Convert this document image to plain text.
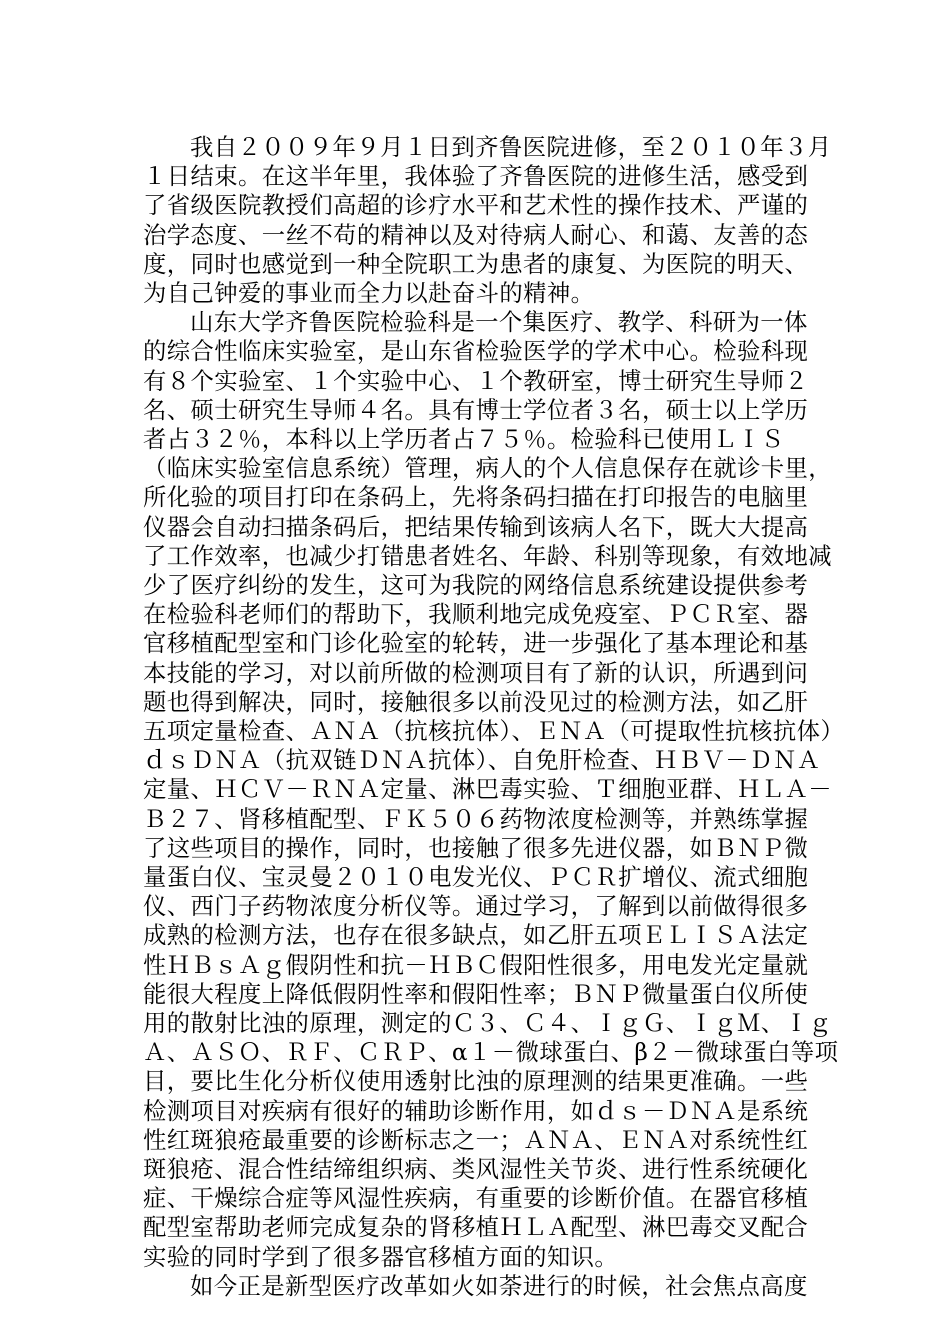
我自２００９年９月１日到齐鲁医院进修，至２０１０年３月

１日结束。在这半年里，我体验了齐鲁医院的进修生活，感受到

了省级医院教授们高超的诊疗水平和艺术性的操作技术、严谨的

治学态度、一丝不苟的精神以及对待病人耐心、和蔼、友善的态

度，同时也感觉到一种全院职工为患者的康复、为医院的明天、

为自己钟爱的事业而全力以赴奋斗的精神。

山东大学齐鲁医院检验科是一个集医疗、教学、科研为一体

的综合性临床实验室，是山东省检验医学的学术中心。检验科现

有８个实验室、１个实验中心、１个教研室，博士研究生导师２

名、硕士研究生导师４名。具有博士学位者３名，硕士以上学历

者占３２％，本科以上学历者占７５％。检验科已使用ＬＩＳ

（临床实验室信息系统）管理，病人的个人信息保存在就诊卡里，

所化验的项目打印在条码上，先将条码扫描在打印报告的电脑里

仪器会自动扫描条码后，把结果传输到该病人名下，既大大提高

了工作效率，也减少打错患者姓名、年龄、科别等现象，有效地减

少了医疗纠纷的发生，这可为我院的网络信息系统建设提供参考

在检验科老师们的帮助下，我顺利地完成免疫室、ＰＣＲ室、器

官移植配型室和门诊化验室的轮转，进一步强化了基本理论和基

本技能的学习，对以前所做的检测项目有了新的认识，所遇到问

题也得到解决，同时，接触很多以前没见过的检测方法，如乙肝

五项定量检查、ＡＮＡ（抗核抗体）、ＥＮＡ（可提取性抗核抗体）

ｄｓＤＮＡ（抗双链ＤＮＡ抗体）、自免肝检查、ＨＢＶ－ＤＮＡ

定量、ＨＣＶ－ＲＮＡ定量、淋巴毒实验、Ｔ细胞亚群、ＨＬＡ－

Ｂ２７、肾移植配型、ＦＫ５０６药物浓度检测等，并熟练掌握

了这些项目的操作，同时，也接触了很多先进仪器，如ＢＮＰ微

量蛋白仪、宝灵曼２０１０电发光仪、ＰＣＲ扩增仪、流式细胞

仪、西门子药物浓度分析仪等。通过学习，了解到以前做得很多

成熟的检测方法，也存在很多缺点，如乙肝五项ＥＬＩＳＡ法定

性ＨＢｓＡｇ假阴性和抗－ＨＢＣ假阳性很多，用电发光定量就

能很大程度上降低假阴性率和假阳性率；ＢＮＰ微量蛋白仪所使

用的散射比浊的原理，测定的Ｃ３、Ｃ４、ＩｇＧ、ＩｇＭ、Ｉｇ

Ａ、ＡＳＯ、ＲＦ、ＣＲＰ、α１－微球蛋白、β２－微球蛋白等项

目，要比生化分析仪使用透射比浊的原理测的结果更准确。一些

检测项目对疾病有很好的辅助诊断作用，如ｄｓ－ＤＮＡ是系统

性红斑狼疮最重要的诊断标志之一；ＡＮＡ、ＥＮＡ对系统性红

斑狼疮、混合性结缔组织病、类风湿性关节炎、进行性系统硬化

症、干燥综合症等风湿性疾病，有重要的诊断价值。在器官移植

配型室帮助老师完成复杂的肾移植ＨＬＡ配型、淋巴毒交叉配合

实验的同时学到了很多器官移植方面的知识。

如今正是新型医疗改革如火如荼进行的时候，社会焦点高度
